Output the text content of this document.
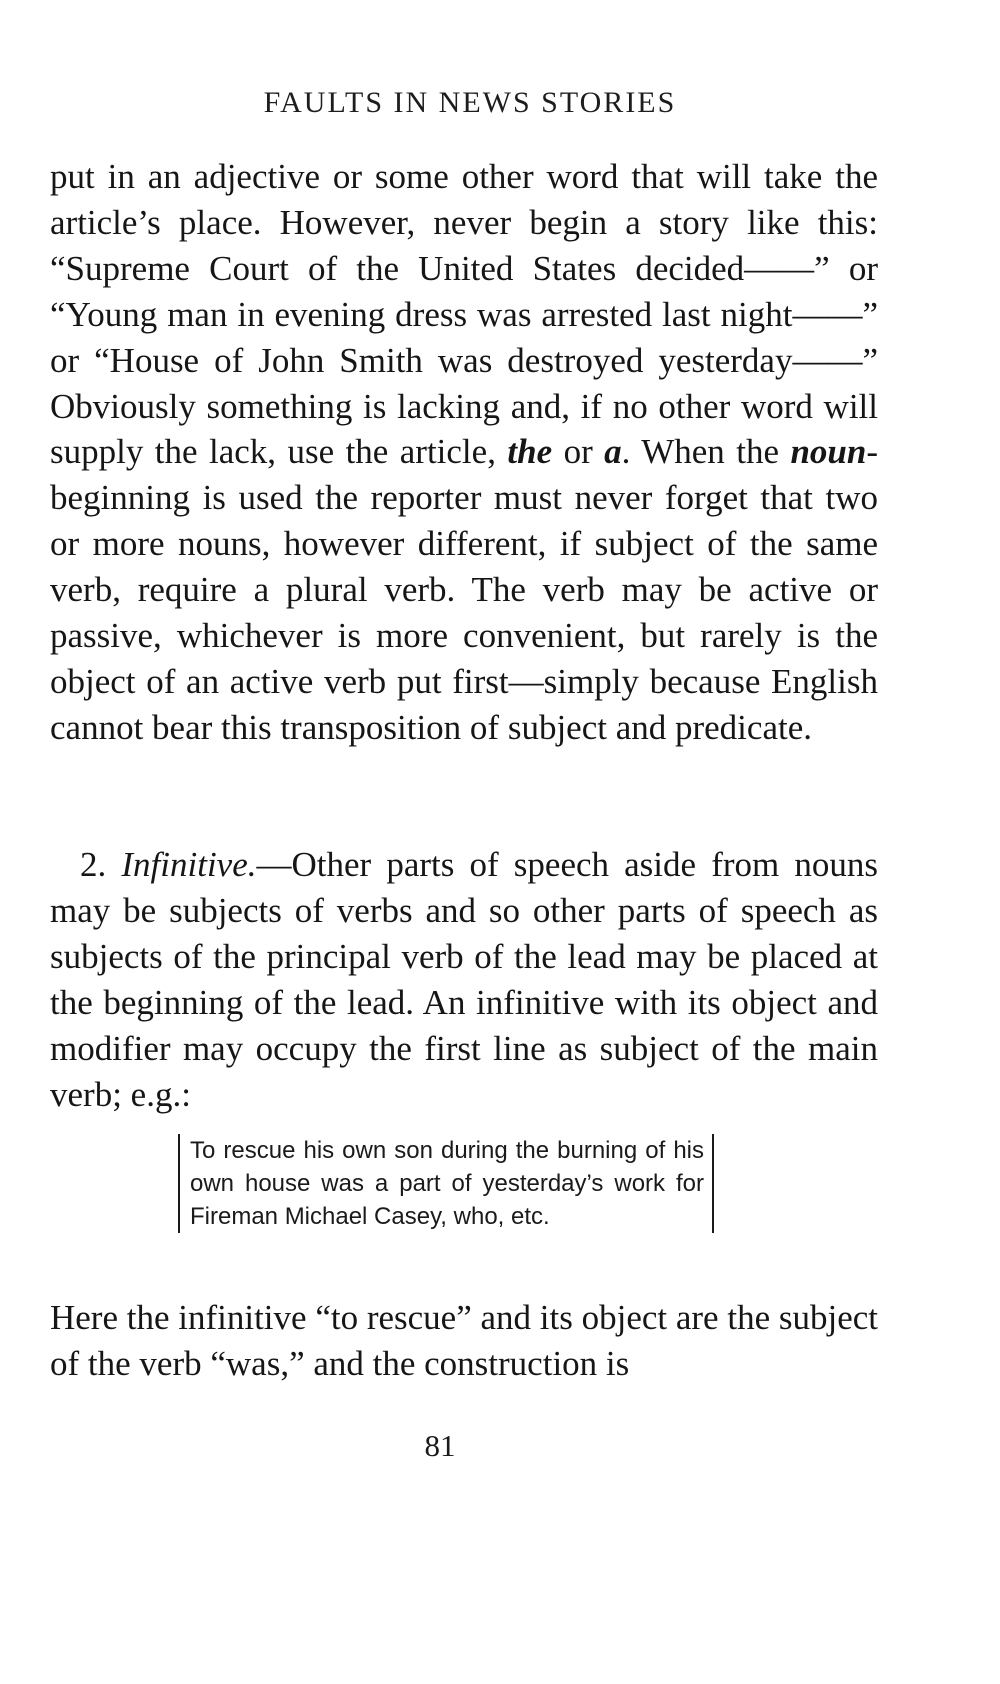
FAULTS IN NEWS STORIES

put in an adjective or some other word that will take the article’s place. However, never begin a story like this: “Supreme Court of the United States decided——” or “Young man in evening dress was arrested last night——” or “House of John Smith was destroyed yesterday——” Obviously something is lacking and, if no other word will supply the lack, use the article, the or a. When the noun-beginning is used the reporter must never forget that two or more nouns, however different, if subject of the same verb, require a plural verb. The verb may be active or passive, whichever is more convenient, but rarely is the object of an active verb put first—simply because English cannot bear this transposition of subject and predicate.

2. Infinitive.—Other parts of speech aside from nouns may be subjects of verbs and so other parts of speech as subjects of the principal verb of the lead may be placed at the beginning of the lead. An infinitive with its object and modifier may occupy the first line as subject of the main verb; e.g.:

To rescue his own son during the burning of his own house was a part of yesterday’s work for Fireman Michael Casey, who, etc.

Here the infinitive “to rescue” and its object are the subject of the verb “was,” and the construction is

81
